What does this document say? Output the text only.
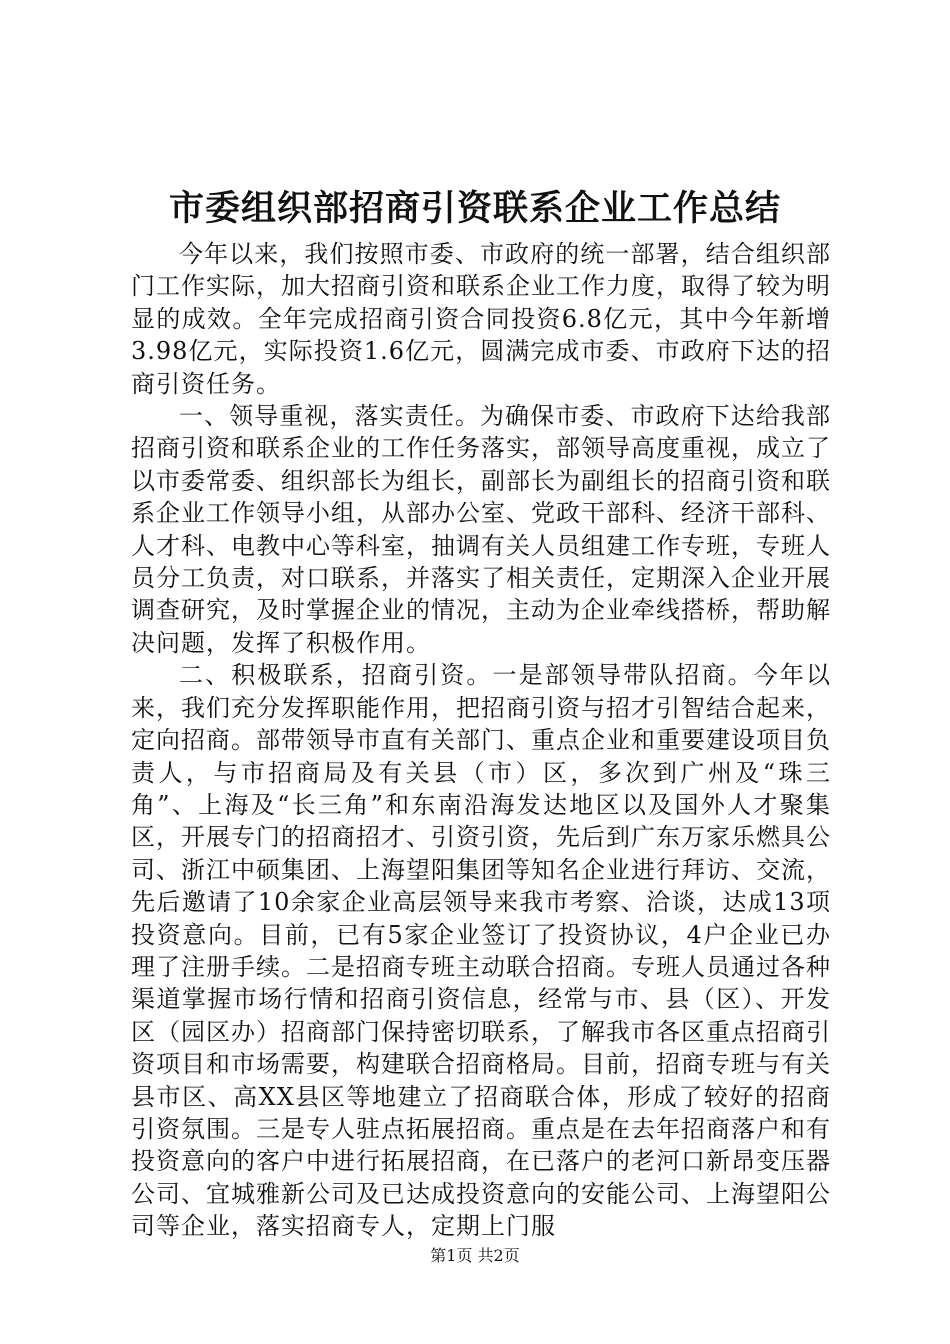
市委组织部招商引资联系企业工作总结

今年以来，我们按照市委、市政府的统一部署，结合组织部门工作实际，加大招商引资和联系企业工作力度，取得了较为明显的成效。全年完成招商引资合同投资6.8亿元，其中今年新增3.98亿元，实际投资1.6亿元，圆满完成市委、市政府下达的招商引资任务。

一、领导重视，落实责任。为确保市委、市政府下达给我部招商引资和联系企业的工作任务落实，部领导高度重视，成立了以市委常委、组织部长为组长，副部长为副组长的招商引资和联系企业工作领导小组，从部办公室、党政干部科、经济干部科、人才科、电教中心等科室，抽调有关人员组建工作专班，专班人员分工负责，对口联系，并落实了相关责任，定期深入企业开展调查研究，及时掌握企业的情况，主动为企业牵线搭桥，帮助解决问题，发挥了积极作用。

二、积极联系，招商引资。一是部领导带队招商。今年以来，我们充分发挥职能作用，把招商引资与招才引智结合起来，定向招商。部带领导市直有关部门、重点企业和重要建设项目负责人，与市招商局及有关县（市）区，多次到广州及“珠三角”、上海及“长三角”和东南沿海发达地区以及国外人才聚集区，开展专门的招商招才、引资引资，先后到广东万家乐燃具公司、浙江中硕集团、上海望阳集团等知名企业进行拜访、交流，先后邀请了10余家企业高层领导来我市考察、洽谈，达成13项投资意向。目前，已有5家企业签订了投资协议，4户企业已办理了注册手续。二是招商专班主动联合招商。专班人员通过各种渠道掌握市场行情和招商引资信息，经常与市、县（区）、开发区（园区办）招商部门保持密切联系，了解我市各区重点招商引资项目和市场需要，构建联合招商格局。目前，招商专班与有关县市区、高XX县区等地建立了招商联合体，形成了较好的招商引资氛围。三是专人驻点拓展招商。重点是在去年招商落户和有投资意向的客户中进行拓展招商，在已落户的老河口新昂变压器公司、宜城雅新公司及已达成投资意向的安能公司、上海望阳公司等企业，落实招商专人，定期上门服

第1页 共2页
